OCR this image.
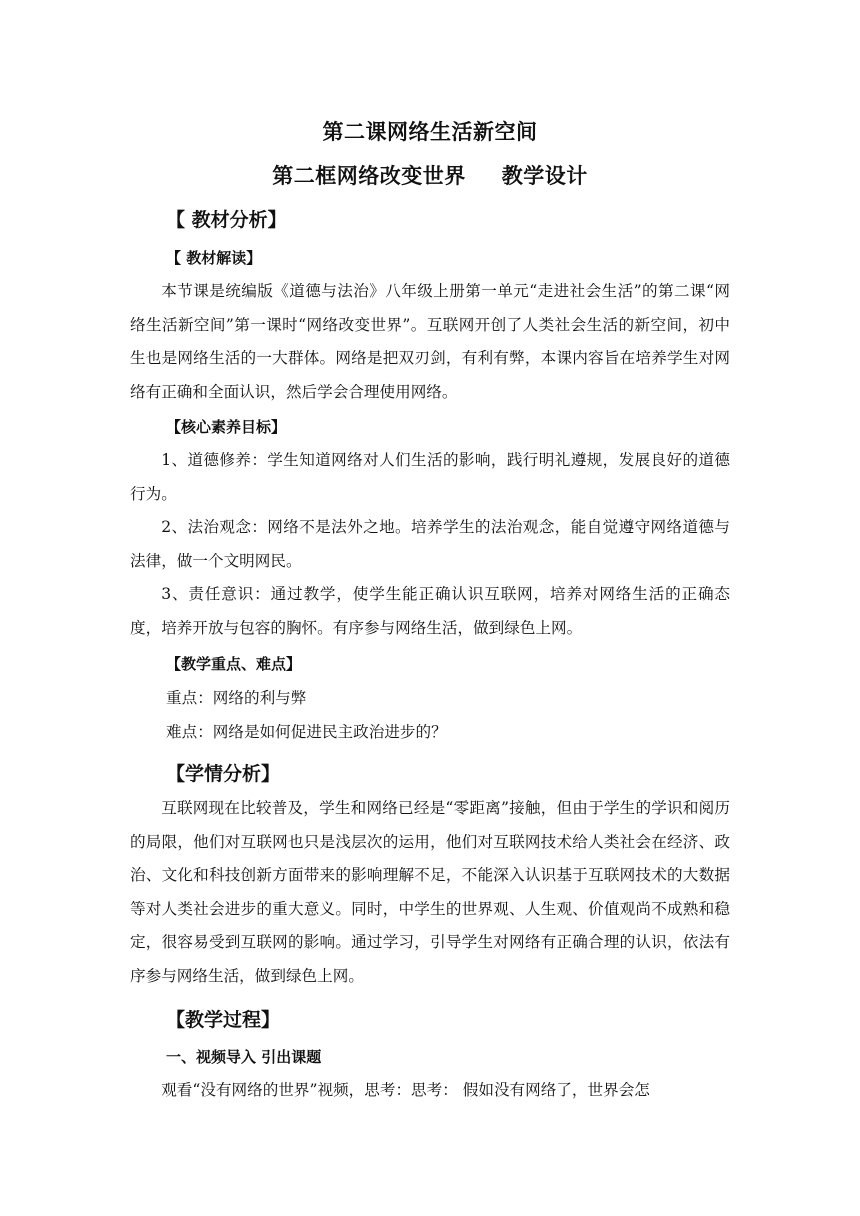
第二课网络生活新空间
第二框网络改变世界 教学设计
【 教材分析】
【 教材解读】

本节课是统编版《道德与法治》八年级上册第一单元“走进社会生活”的第二课“网络生活新空间”第一课时“网络改变世界”。互联网开创了人类社会生活的新空间，初中生也是网络生活的一大群体。网络是把双刃剑，有利有弊，本课内容旨在培养学生对网络有正确和全面认识，然后学会合理使用网络。

【核心素养目标】

1、道德修养：学生知道网络对人们生活的影响，践行明礼遵规，发展良好的道德行为。

2、法治观念：网络不是法外之地。培养学生的法治观念，能自觉遵守网络道德与法律，做一个文明网民。

3、责任意识：通过教学，使学生能正确认识互联网，培养对网络生活的正确态度，培养开放与包容的胸怀。有序参与网络生活，做到绿色上网。

【教学重点、难点】
重点：网络的利与弊
难点：网络是如何促进民主政治进步的？
【学情分析】

互联网现在比较普及，学生和网络已经是“零距离”接触，但由于学生的学识和阅历的局限，他们对互联网也只是浅层次的运用，他们对互联网技术给人类社会在经济、政治、文化和科技创新方面带来的影响理解不足，不能深入认识基于互联网技术的大数据等对人类社会进步的重大意义。同时，中学生的世界观、人生观、价值观尚不成熟和稳定，很容易受到互联网的影响。通过学习，引导学生对网络有正确合理的认识，依法有序参与网络生活，做到绿色上网。

【教学过程】
一、视频导入 引出课题

观看“没有网络的世界”视频，思考：思考： 假如没有网络了，世界会怎
